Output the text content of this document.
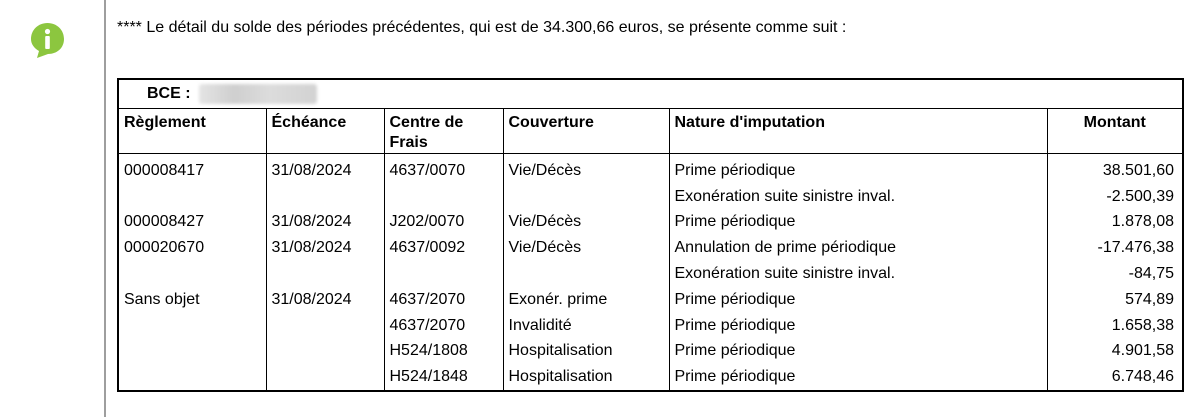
**** Le détail du solde des périodes précédentes, qui est de 34.300,66 euros, se présente comme suit :
BCE :
Règlement	Échéance	Centre de Frais	Couverture	Nature d'imputation	Montant
000008417	31/08/2024	4637/0070	Vie/Décès	Prime périodique	38.501,60
				Exonération suite sinistre inval.	-2.500,39
000008427	31/08/2024	J202/0070	Vie/Décès	Prime périodique	1.878,08
000020670	31/08/2024	4637/0092	Vie/Décès	Annulation de prime périodique	-17.476,38
				Exonération suite sinistre inval.	-84,75
Sans objet	31/08/2024	4637/2070	Exonér. prime	Prime périodique	574,89
		4637/2070	Invalidité	Prime périodique	1.658,38
		H524/1808	Hospitalisation	Prime périodique	4.901,58
		H524/1848	Hospitalisation	Prime périodique	6.748,46
